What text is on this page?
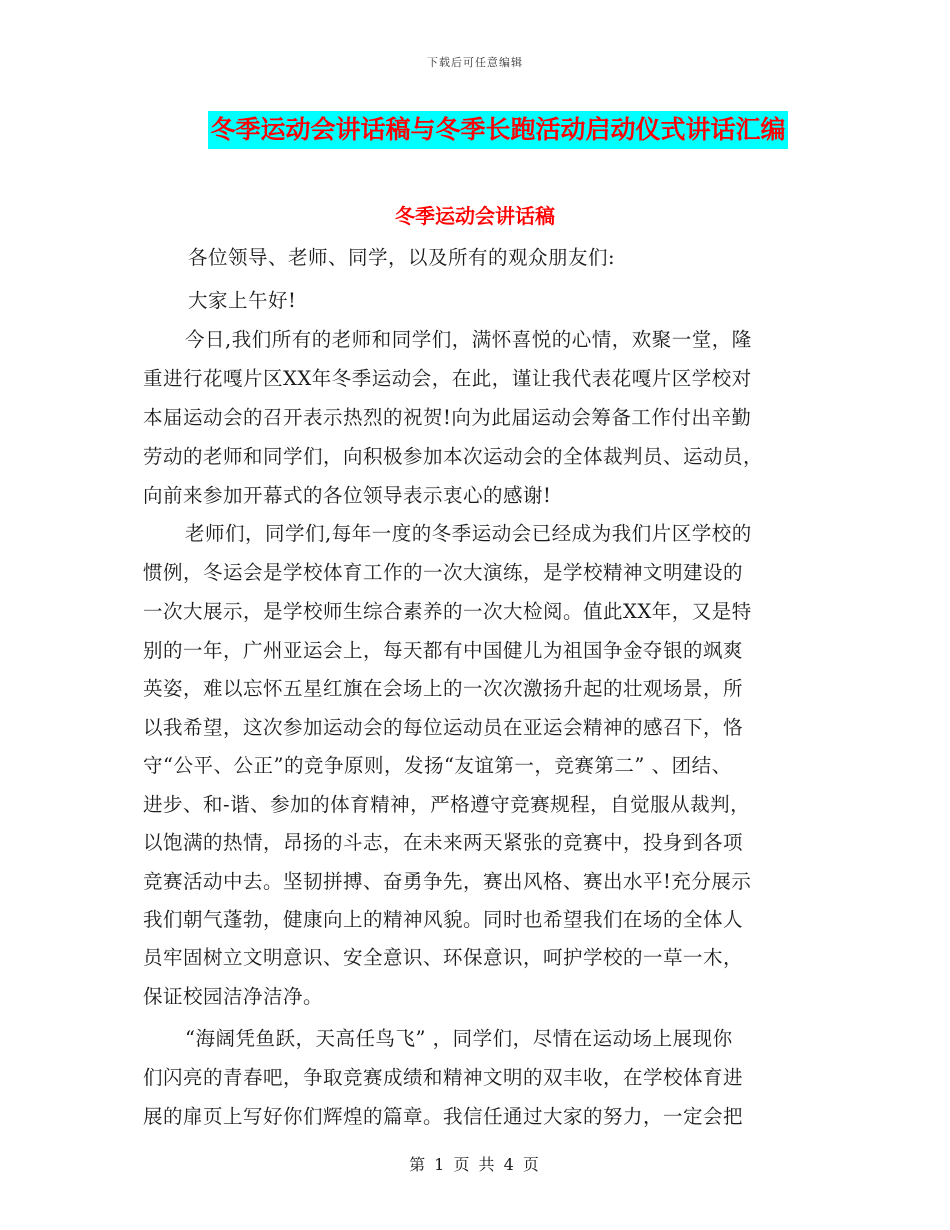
下载后可任意编辑
冬季运动会讲话稿与冬季长跑活动启动仪式讲话汇编
冬季运动会讲话稿
各位领导、老师、同学，以及所有的观众朋友们:
大家上午好!
今日,我们所有的老师和同学们，满怀喜悦的心情，欢聚一堂，隆
重进行花嘎片区XX年冬季运动会，在此，谨让我代表花嘎片区学校对
本届运动会的召开表示热烈的祝贺!向为此届运动会筹备工作付出辛勤
劳动的老师和同学们，向积极参加本次运动会的全体裁判员、运动员，
向前来参加开幕式的各位领导表示衷心的感谢!
老师们，同学们,每年一度的冬季运动会已经成为我们片区学校的
惯例，冬运会是学校体育工作的一次大演练，是学校精神文明建设的
一次大展示，是学校师生综合素养的一次大检阅。值此XX年，又是特
别的一年，广州亚运会上，每天都有中国健儿为祖国争金夺银的飒爽
英姿，难以忘怀五星红旗在会场上的一次次激扬升起的壮观场景，所
以我希望，这次参加运动会的每位运动员在亚运会精神的感召下，恪
守“公平、公正”的竞争原则，发扬“友谊第一，竞赛第二” 、团结、
进步、和-谐、参加的体育精神，严格遵守竞赛规程，自觉服从裁判，
以饱满的热情，昂扬的斗志，在未来两天紧张的竞赛中，投身到各项
竞赛活动中去。坚韧拼搏、奋勇争先，赛出风格、赛出水平!充分展示
我们朝气蓬勃，健康向上的精神风貌。同时也希望我们在场的全体人
员牢固树立文明意识、安全意识、环保意识，呵护学校的一草一木，
保证校园洁净洁净。
“海阔凭鱼跃，天高任鸟飞” ，同学们，尽情在运动场上展现你
们闪亮的青春吧，争取竞赛成绩和精神文明的双丰收，在学校体育进
展的扉页上写好你们辉煌的篇章。我信任通过大家的努力，一定会把
第 1 页 共 4 页
